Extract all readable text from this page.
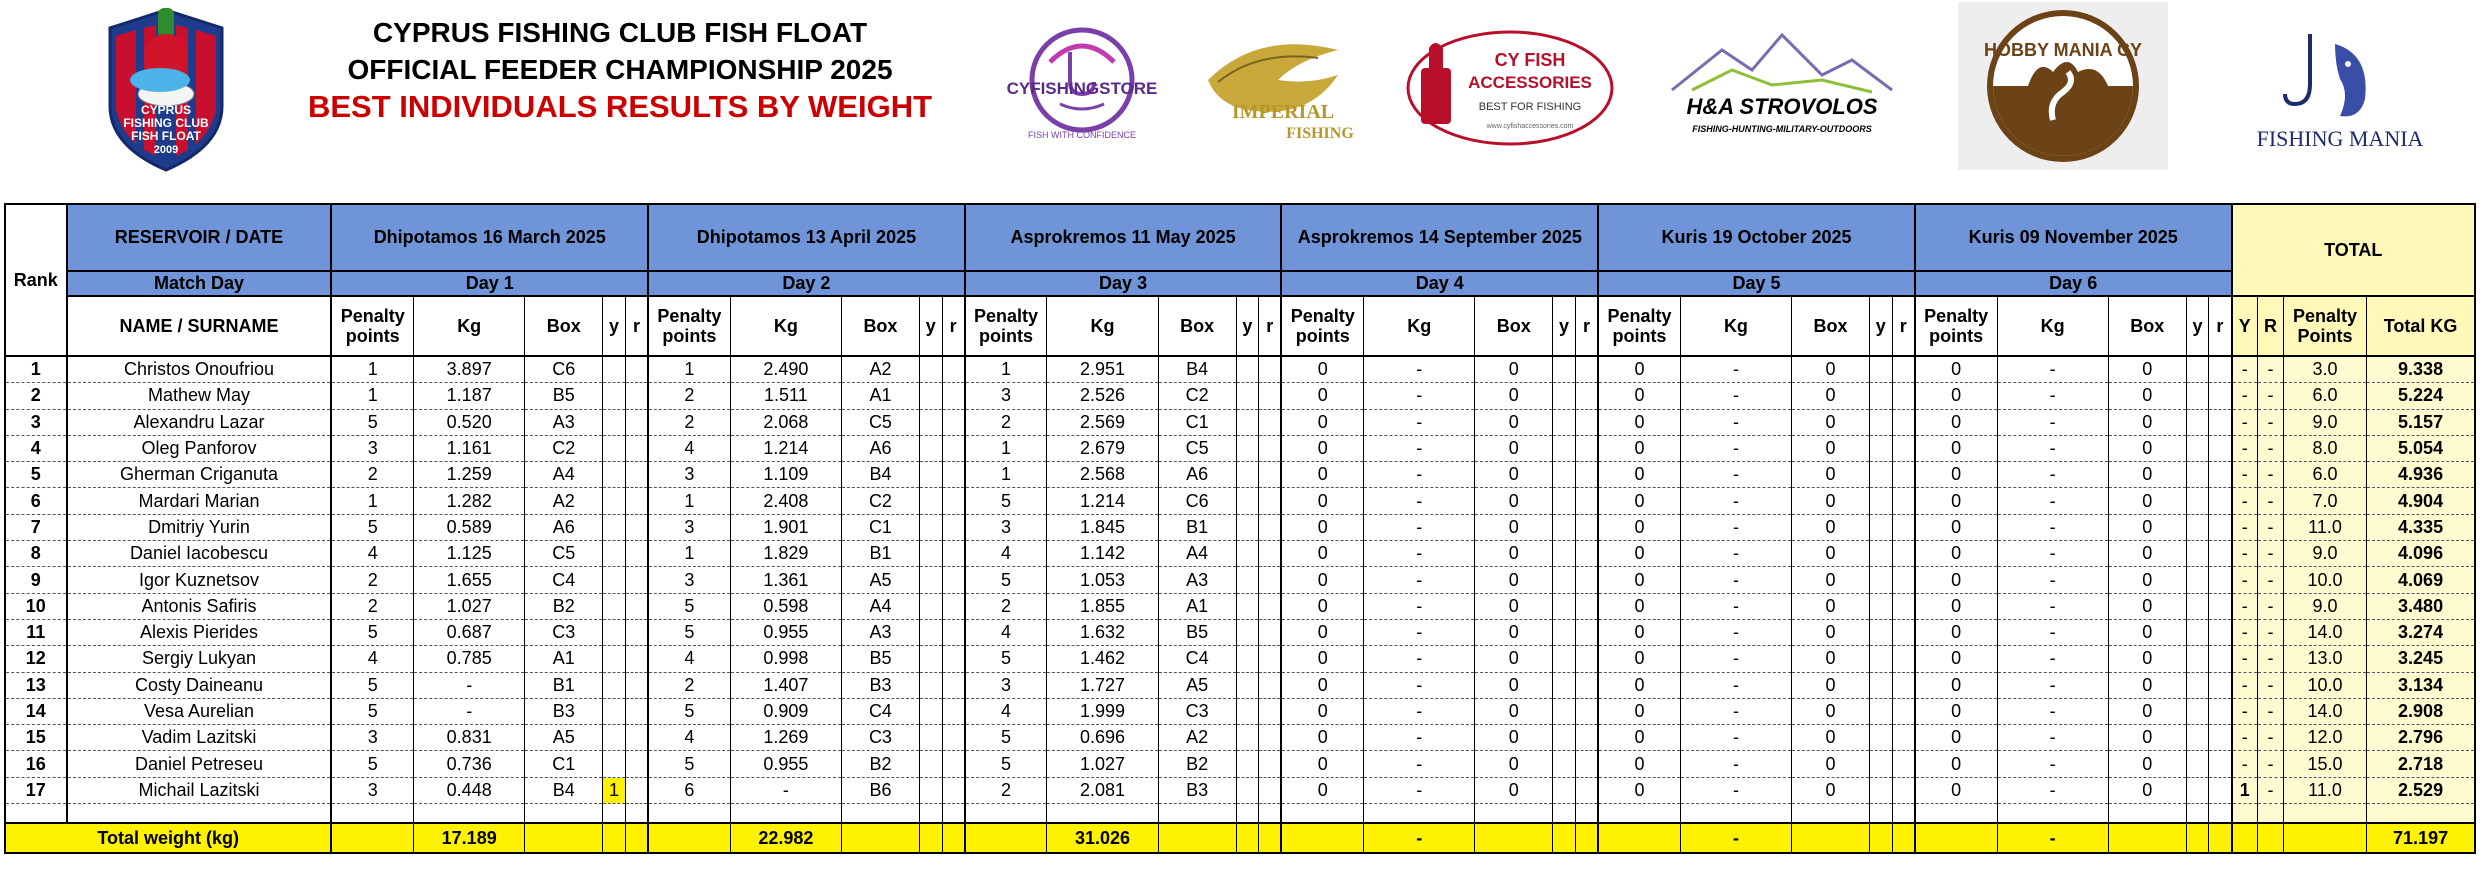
CYPRUS
FISHING CLUB
FISH FLOAT
2009
CYPRUS FISHING CLUB FISH FLOAT
OFFICIAL FEEDER CHAMPIONSHIP 2025
BEST INDIVIDUALS RESULTS BY WEIGHT
CYFISHINGSTORE
FISH WITH CONFIDENCE
IMPERIAL
FISHING
CY FISH
ACCESSORIES
BEST FOR FISHING
www.cyfishaccessories.com
H&A STROVOLOS
FISHING-HUNTING-MILITARY-OUTDOORS
HOBBY MANIA CY
FISHING MANIA
Rank	RESERVOIR / DATE	Dhipotamos 16 March 2025					Dhipotamos 13 April 2025					Asprokremos 11 May 2025					Asprokremos 14 September 2025					Kuris 19 October 2025					Kuris 09 November 2025					TOTAL			
	Match Day	Day 1					Day 2					Day 3					Day 4					Day 5					Day 6								
	NAME / SURNAME	Penalty points	Kg	Box	y	r	Penalty points	Kg	Box	y	r	Penalty points	Kg	Box	y	r	Penalty points	Kg	Box	y	r	Penalty points	Kg	Box	y	r	Penalty points	Kg	Box	y	r	Y	R	Penalty Points	Total KG
1	Christos Onoufriou	1	3.897	C6			1	2.490	A2			1	2.951	B4			0	-	0			0	-	0			0	-	0			-	-	3.0	9.338
2	Mathew May	1	1.187	B5			2	1.511	A1			3	2.526	C2			0	-	0			0	-	0			0	-	0			-	-	6.0	5.224
3	Alexandru Lazar	5	0.520	A3			2	2.068	C5			2	2.569	C1			0	-	0			0	-	0			0	-	0			-	-	9.0	5.157
4	Oleg Panforov	3	1.161	C2			4	1.214	A6			1	2.679	C5			0	-	0			0	-	0			0	-	0			-	-	8.0	5.054
5	Gherman Criganuta	2	1.259	A4			3	1.109	B4			1	2.568	A6			0	-	0			0	-	0			0	-	0			-	-	6.0	4.936
6	Mardari Marian	1	1.282	A2			1	2.408	C2			5	1.214	C6			0	-	0			0	-	0			0	-	0			-	-	7.0	4.904
7	Dmitriy Yurin	5	0.589	A6			3	1.901	C1			3	1.845	B1			0	-	0			0	-	0			0	-	0			-	-	11.0	4.335
8	Daniel Iacobescu	4	1.125	C5			1	1.829	B1			4	1.142	A4			0	-	0			0	-	0			0	-	0			-	-	9.0	4.096
9	Igor Kuznetsov	2	1.655	C4			3	1.361	A5			5	1.053	A3			0	-	0			0	-	0			0	-	0			-	-	10.0	4.069
10	Antonis Safiris	2	1.027	B2			5	0.598	A4			2	1.855	A1			0	-	0			0	-	0			0	-	0			-	-	9.0	3.480
11	Alexis Pierides	5	0.687	C3			5	0.955	A3			4	1.632	B5			0	-	0			0	-	0			0	-	0			-	-	14.0	3.274
12	Sergiy Lukyan	4	0.785	A1			4	0.998	B5			5	1.462	C4			0	-	0			0	-	0			0	-	0			-	-	13.0	3.245
13	Costy Daineanu	5	-	B1			2	1.407	B3			3	1.727	A5			0	-	0			0	-	0			0	-	0			-	-	10.0	3.134
14	Vesa Aurelian	5	-	B3			5	0.909	C4			4	1.999	C3			0	-	0			0	-	0			0	-	0			-	-	14.0	2.908
15	Vadim Lazitski	3	0.831	A5			4	1.269	C3			5	0.696	A2			0	-	0			0	-	0			0	-	0			-	-	12.0	2.796
16	Daniel Petreseu	5	0.736	C1			5	0.955	B2			5	1.027	B2			0	-	0			0	-	0			0	-	0			-	-	15.0	2.718
17	Michail Lazitski	3	0.448	B4	1		6	-	B6			2	2.081	B3			0	-	0			0	-	0			0	-	0			1	-	11.0	2.529

Total weight (kg)			17.189					22.982					31.026					-					-					-							71.197
